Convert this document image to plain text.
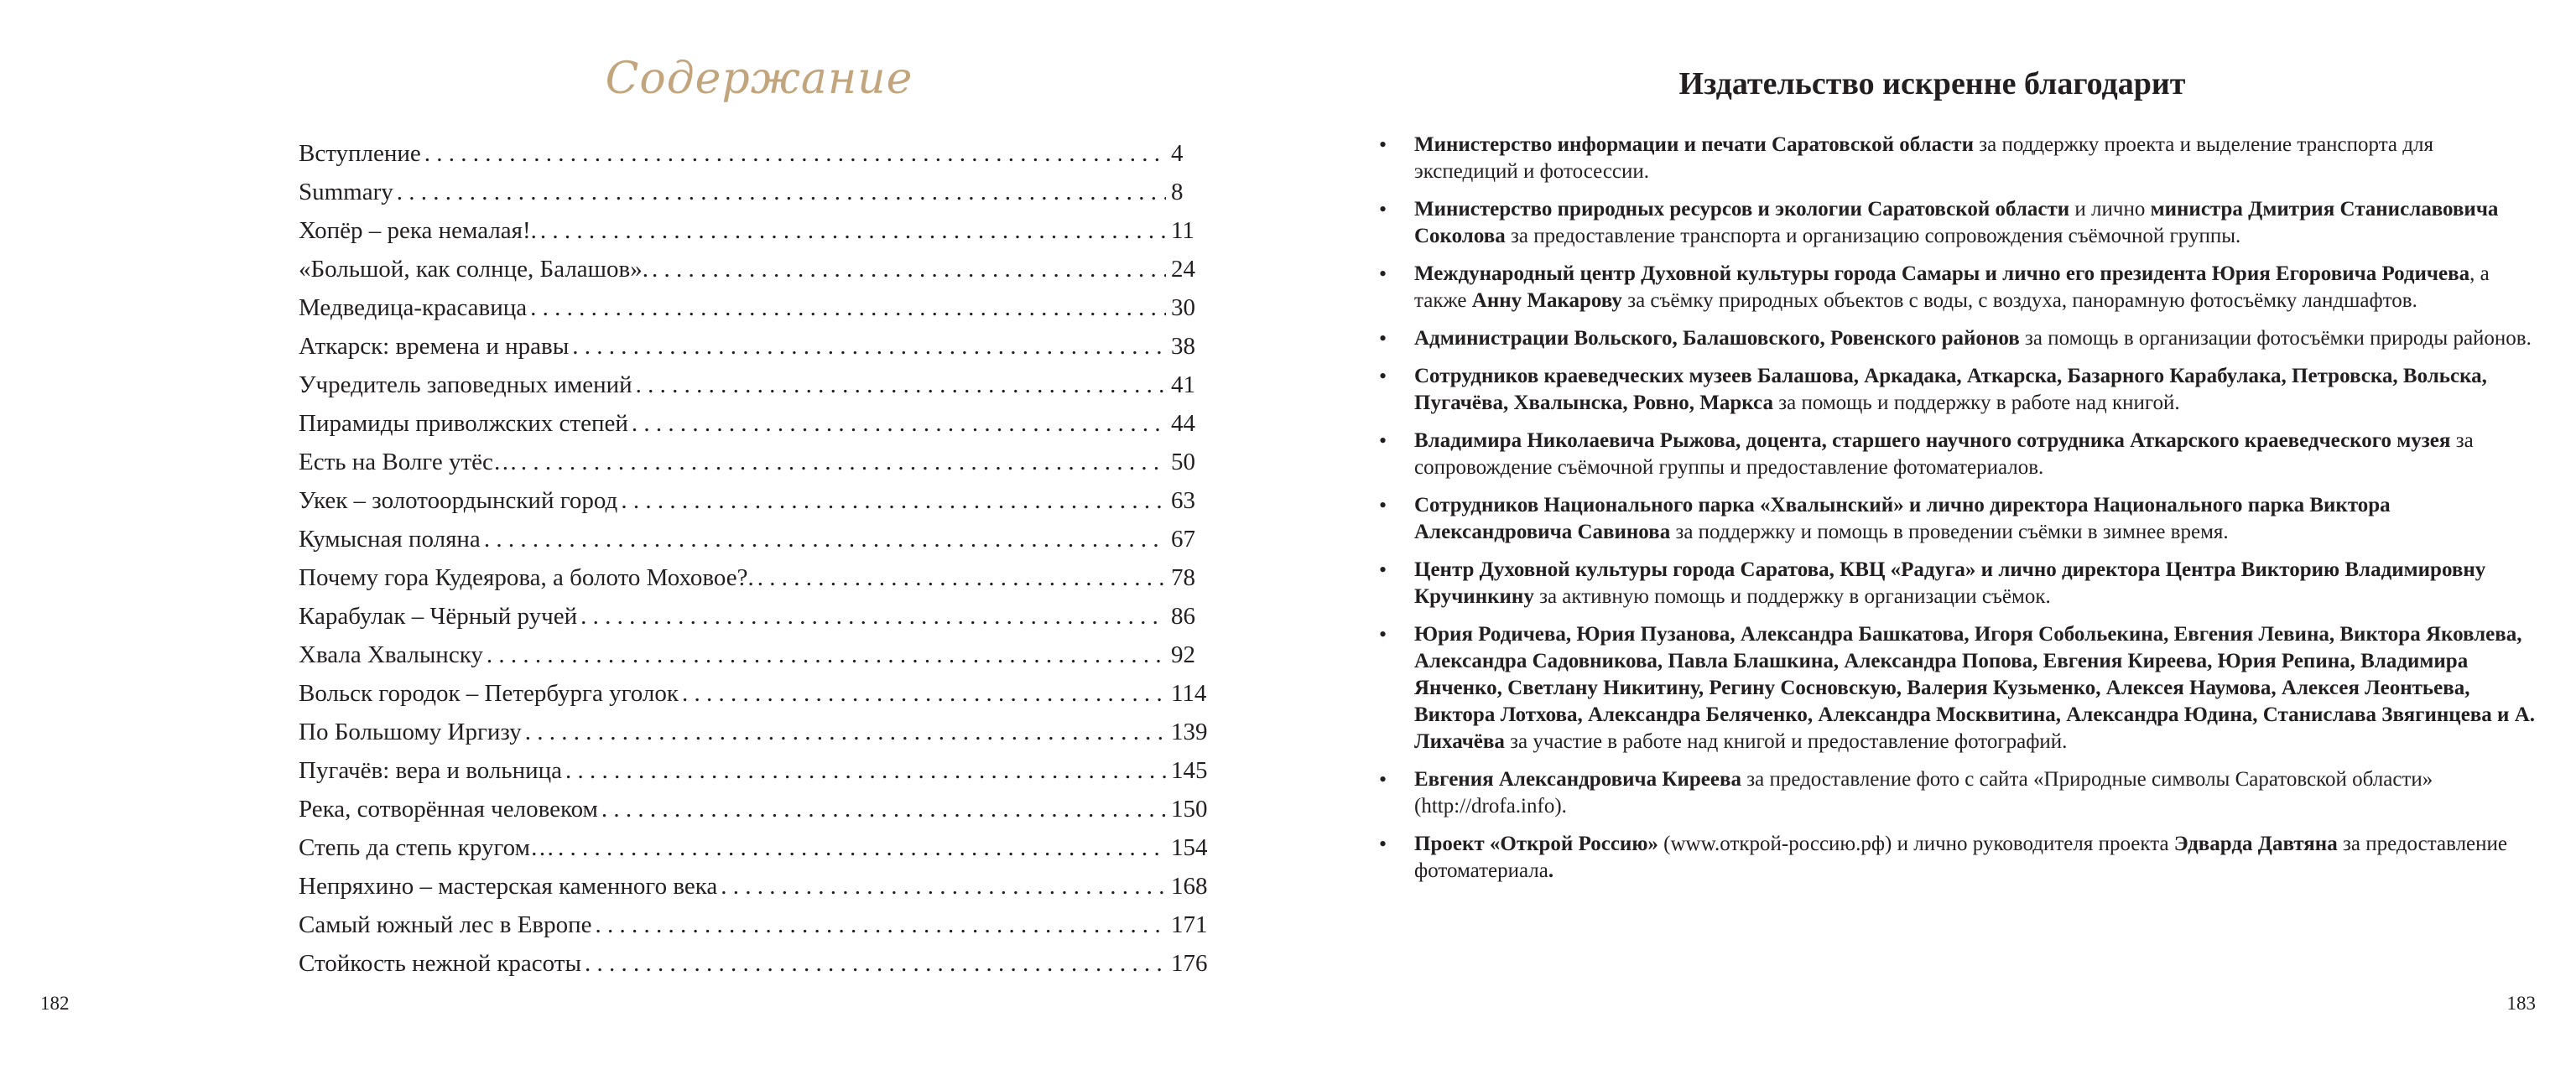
Содержание
Вступление . . .	4
Summary . . .	8
Хопёр – река немалая!. . . .	11
«Большой, как солнце, Балашов». . . .	24
Медведица-красавица . . .	30
Аткарск: времена и нравы . . .	38
Учредитель заповедных имений . . .	41
Пирамиды приволжских степей . . .	44
Есть на Волге утёс… . . .	50
Укек – золотоордынский город . . .	63
Кумысная поляна . . .	67
Почему гора Кудеярова, а болото Моховое?. . . .	78
Карабулак – Чёрный ручей . . .	86
Хвала Хвалынску . . .	92
Вольск городок – Петербурга уголок . . .	114
По Большому Иргизу . . .	139
Пугачёв: вера и вольница . . .	145
Река, сотворённая человеком . . .	150
Степь да степь кругом… . . .	154
Непряхино – мастерская каменного века . . .	168
Самый южный лес в Европе . . .	171
Стойкость нежной красоты . . .	176
182
Издательство искренне благодарит
• Министерство информации и печати Саратовской области за поддержку проекта и выделение транспорта для экспедиций и фотосессии.
• Министерство природных ресурсов и экологии Саратовской области и лично министра Дмитрия Станиславовича Соколова за предоставление транспорта и организацию сопровождения съёмочной группы.
• Международный центр Духовной культуры города Самары и лично его президента Юрия Егоровича Родичева, а также Анну Макарову за съёмку природных объектов с воды, с воздуха, панорамную фотосъёмку ландшафтов.
• Администрации Вольского, Балашовского, Ровенского районов за помощь в организации фотосъёмки природы районов.
• Сотрудников краеведческих музеев Балашова, Аркадака, Аткарска, Базарного Карабулака, Петровска, Вольска, Пугачёва, Хвалынска, Ровно, Маркса за помощь и поддержку в работе над книгой.
• Владимира Николаевича Рыжова, доцента, старшего научного сотрудника Аткарского краеведческого музея за сопровождение съёмочной группы и предоставление фотоматериалов.
• Сотрудников Национального парка «Хвалынский» и лично директора Национального парка Виктора Александровича Савинова за поддержку и помощь в проведении съёмки в зимнее время.
• Центр Духовной культуры города Саратова, КВЦ «Радуга» и лично директора Центра Викторию Владимировну Кручинкину за активную помощь и поддержку в организации съёмок.
• Юрия Родичева, Юрия Пузанова, Александра Башкатова, Игоря Собольекина, Евгения Левина, Виктора Яковлева, Александра Садовникова, Павла Блашкина, Александра Попова, Евгения Киреева, Юрия Репина, Владимира Янченко, Светлану Никитину, Регину Сосновскую, Валерия Кузьменко, Алексея Наумова, Алексея Леонтьева, Виктора Лотхова, Александра Беляченко, Александра Москвитина, Александра Юдина, Станислава Звягинцева и А. Лихачёва за участие в работе над книгой и предоставление фотографий.
• Евгения Александровича Киреева за предоставление фото с сайта «Природные символы Саратовской области» (http://drofa.info).
• Проект «Открой Россию» (www.открой-россию.рф) и лично руководителя проекта Эдварда Давтяна за предоставление фотоматериала.
183
